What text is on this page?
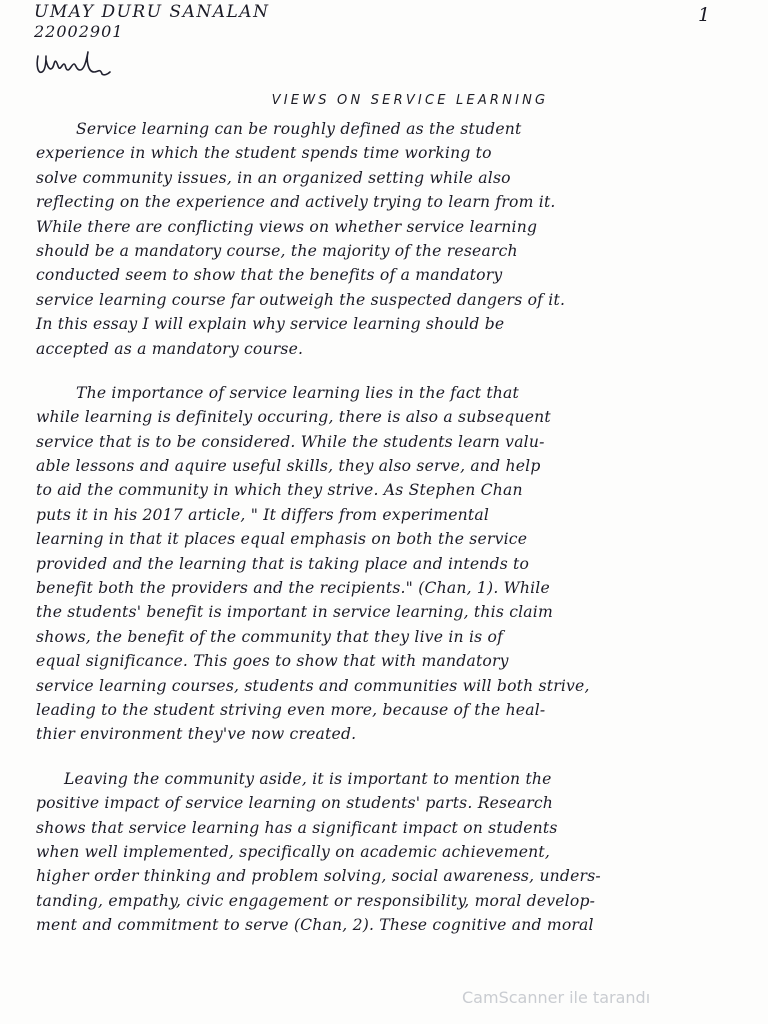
UMAY DURU SANALAN
22002901
1
VIEWS ON SERVICE LEARNING
Service learning can be roughly defined as the student
experience in which the student spends time working to
solve community issues, in an organized setting while also
reflecting on the experience and actively trying to learn from it.
While there are conflicting views on whether service learning
should be a mandatory course, the majority of the research
conducted seem to show that the benefits of a mandatory
service learning course far outweigh the suspected dangers of it.
In this essay I will explain why service learning should be
accepted as a mandatory course.
The importance of service learning lies in the fact that
while learning is definitely occuring, there is also a subsequent
service that is to be considered. While the students learn valu-
able lessons and aquire useful skills, they also serve, and help
to aid the community in which they strive. As Stephen Chan
puts it in his 2017 article, " It differs from experimental
learning in that it places equal emphasis on both the service
provided and the learning that is taking place and intends to
benefit both the providers and the recipients." (Chan, 1). While
the students' benefit is important in service learning, this claim
shows, the benefit of the community that they live in is of
equal significance. This goes to show that with mandatory
service learning courses, students and communities will both strive,
leading to the student striving even more, because of the heal-
thier environment they've now created.
Leaving the community aside, it is important to mention the
positive impact of service learning on students' parts. Research
shows that service learning has a significant impact on students
when well implemented, specifically on academic achievement,
higher order thinking and problem solving, social awareness, unders-
tanding, empathy, civic engagement or responsibility, moral develop-
ment and commitment to serve (Chan, 2). These cognitive and moral
CamScanner ile tarandı
